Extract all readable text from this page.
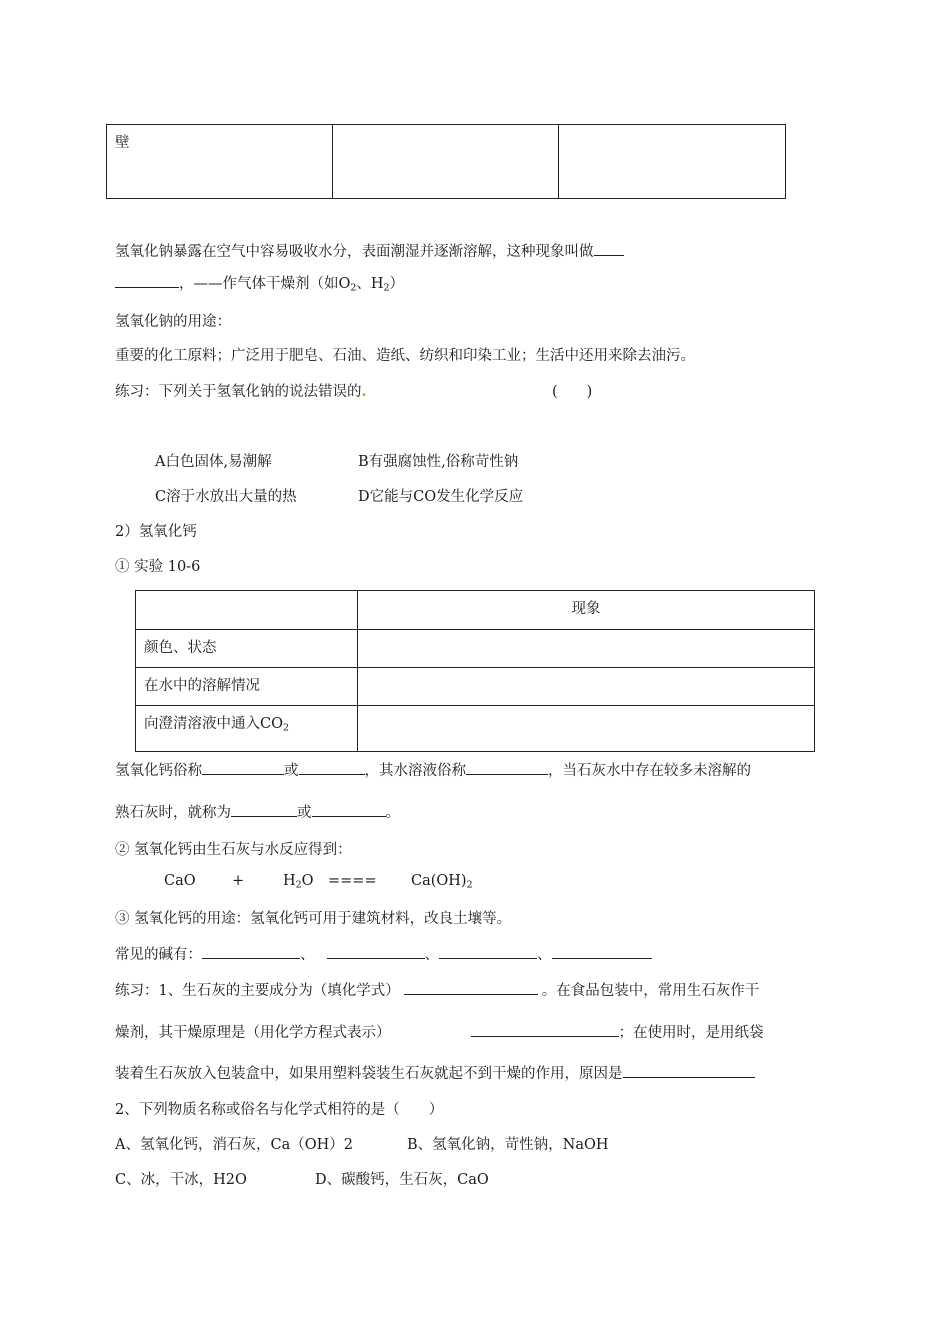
壁		
氢氧化钠暴露在空气中容易吸收水分，表面潮湿并逐渐溶解，这种现象叫做
，——作气体干燥剂（如$O_2$、$H_2$）
氢氧化钠的用途：
重要的化工原料；广泛用于肥皂、石油、造纸、纺织和印染工业；生活中还用来除去油污。
练习：下列关于氢氧化钠的说法错误的.	(　　)
A白色固体,易潮解	B有强腐蚀性,俗称苛性钠
C溶于水放出大量的热	D它能与CO发生化学反应
2）氢氧化钙
① 实验 10-6
	现象
颜色、状态	
在水中的溶解情况	
向澄清溶液中通入$CO_2$	
氢氧化钙俗称	或	，其水溶液俗称	，当石灰水中存在较多未溶解的
熟石灰时，就称为	或	。
② 氢氧化钙由生石灰与水反应得到：
CaO	+	$H_2O$ ==== $Ca(OH)_2$
③ 氢氧化钙的用途：氢氧化钙可用于建筑材料，改良土壤等。
常见的碱有：	、	、	、
练习：1、生石灰的主要成分为（填化学式）	。在食品包装中，常用生石灰作干
燥剂，其干燥原理是（用化学方程式表示）	；在使用时，是用纸袋
装着生石灰放入包装盒中，如果用塑料袋装生石灰就起不到干燥的作用，原因是
2、下列物质名称或俗名与化学式相符的是（　　）
A、氢氧化钙，消石灰，Ca（OH）2	B、氢氧化钠，苛性钠，NaOH
C、冰，干冰，H2O	D、碳酸钙，生石灰，CaO
